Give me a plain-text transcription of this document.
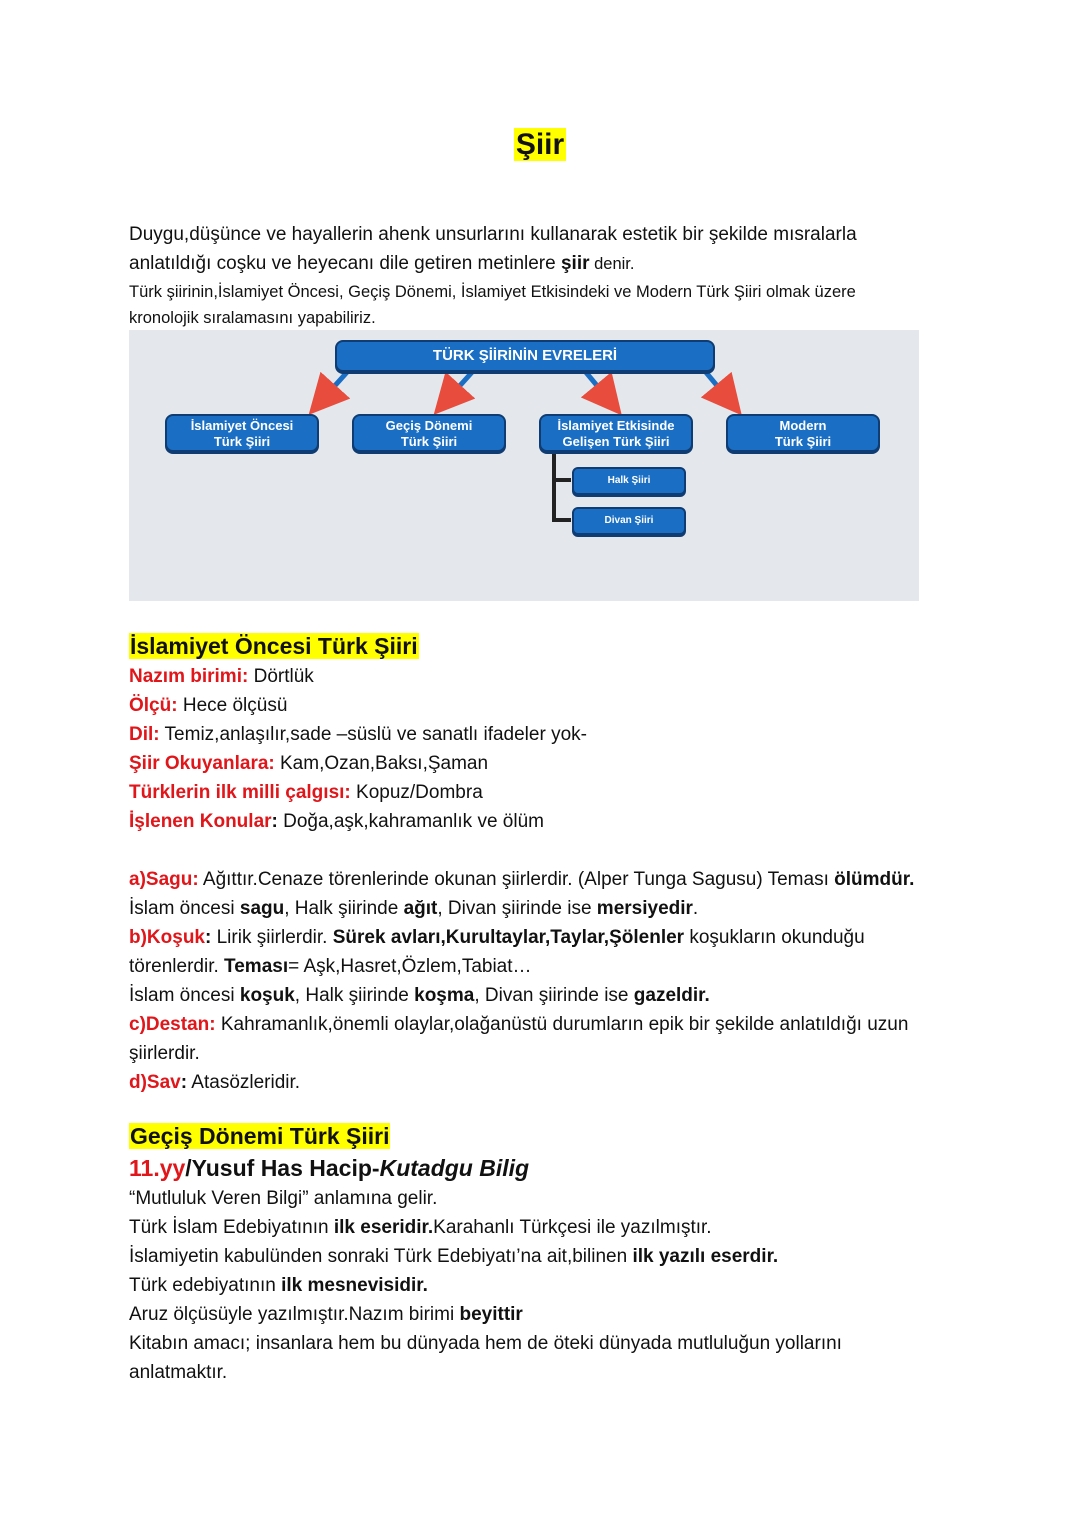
Şiir
Duygu,düşünce ve hayallerin ahenk unsurlarını kullanarak estetik bir şekilde mısralarla
anlatıldığı coşku ve heyecanı dile getiren metinlere şiir denir.
Türk şiirinin,İslamiyet Öncesi, Geçiş Dönemi, İslamiyet Etkisindeki ve Modern Türk Şiiri olmak üzere
kronolojik sıralamasını yapabiliriz.
TÜRK ŞİİRİNİN EVRELERİ
İslamiyet Öncesi
Türk Şiiri
Geçiş Dönemi
Türk Şiiri
İslamiyet Etkisinde
Gelişen Türk Şiiri
Modern
Türk Şiiri
Halk Şiiri
Divan Şiiri
İslamiyet Öncesi Türk Şiiri
Nazım birimi: Dörtlük
Ölçü: Hece ölçüsü
Dil: Temiz,anlaşılır,sade –süslü ve sanatlı ifadeler yok-
Şiir Okuyanlara: Kam,Ozan,Baksı,Şaman
Türklerin ilk milli çalgısı: Kopuz/Dombra
İşlenen Konular: Doğa,aşk,kahramanlık ve ölüm
a)Sagu: Ağıttır.Cenaze törenlerinde okunan şiirlerdir. (Alper Tunga Sagusu) Teması ölümdür.
İslam öncesi sagu, Halk şiirinde ağıt, Divan şiirinde ise mersiyedir.
b)Koşuk: Lirik şiirlerdir. Sürek avları,Kurultaylar,Taylar,Şölenler koşukların okunduğu
törenlerdir. Teması= Aşk,Hasret,Özlem,Tabiat…
İslam öncesi koşuk, Halk şiirinde koşma, Divan şiirinde ise gazeldir.
c)Destan: Kahramanlık,önemli olaylar,olağanüstü durumların epik bir şekilde anlatıldığı uzun
şiirlerdir.
d)Sav: Atasözleridir.
Geçiş Dönemi Türk Şiiri
11.yy/Yusuf Has Hacip-Kutadgu Bilig
“Mutluluk Veren Bilgi” anlamına gelir.
Türk İslam Edebiyatının ilk eseridir.Karahanlı Türkçesi ile yazılmıştır.
İslamiyetin kabulünden sonraki Türk Edebiyatı’na ait,bilinen ilk yazılı eserdir.
Türk edebiyatının ilk mesnevisidir.
Aruz ölçüsüyle yazılmıştır.Nazım birimi beyittir
Kitabın amacı; insanlara hem bu dünyada hem de öteki dünyada mutluluğun yollarını
anlatmaktır.
